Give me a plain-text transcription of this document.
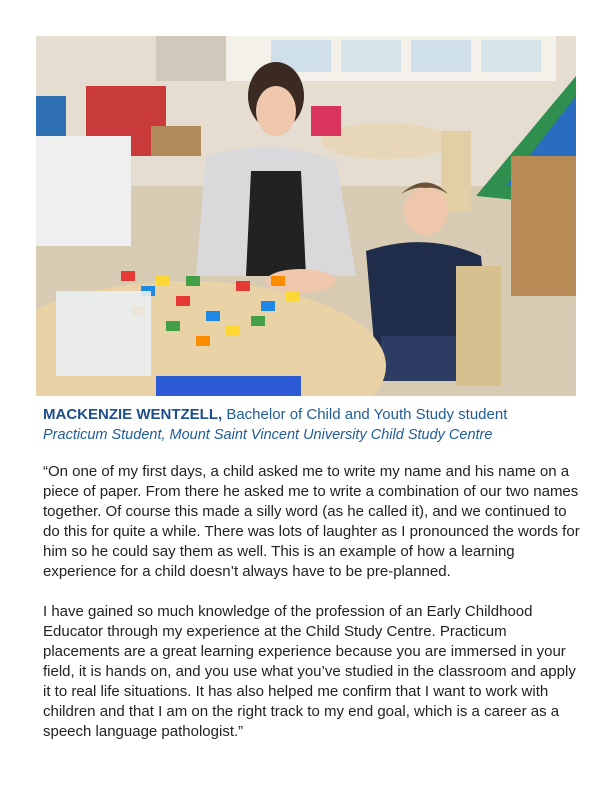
MACKENZIE WENTZELL, Bachelor of Child and Youth Study student
Practicum Student, Mount Saint Vincent University Child Study Centre

“On one of my first days, a child asked me to write my name and his name on a piece of paper. From there he asked me to write a combination of our two names together. Of course this made a silly word (as he called it), and we continued to do this for quite a while. There was lots of laughter as I pronounced the words for him so he could say them as well. This is an example of how a learning experience for a child doesn’t always have to be pre-planned.

I have gained so much knowledge of the profession of an Early Childhood Educator through my experience at the Child Study Centre. Practicum placements are a great learning experience because you are immersed in your field, it is hands on, and you use what you’ve studied in the classroom and apply it to real life situations. It has also helped me confirm that I want to work with children and that I am on the right track to my end goal, which is a career as a speech language pathologist.”
